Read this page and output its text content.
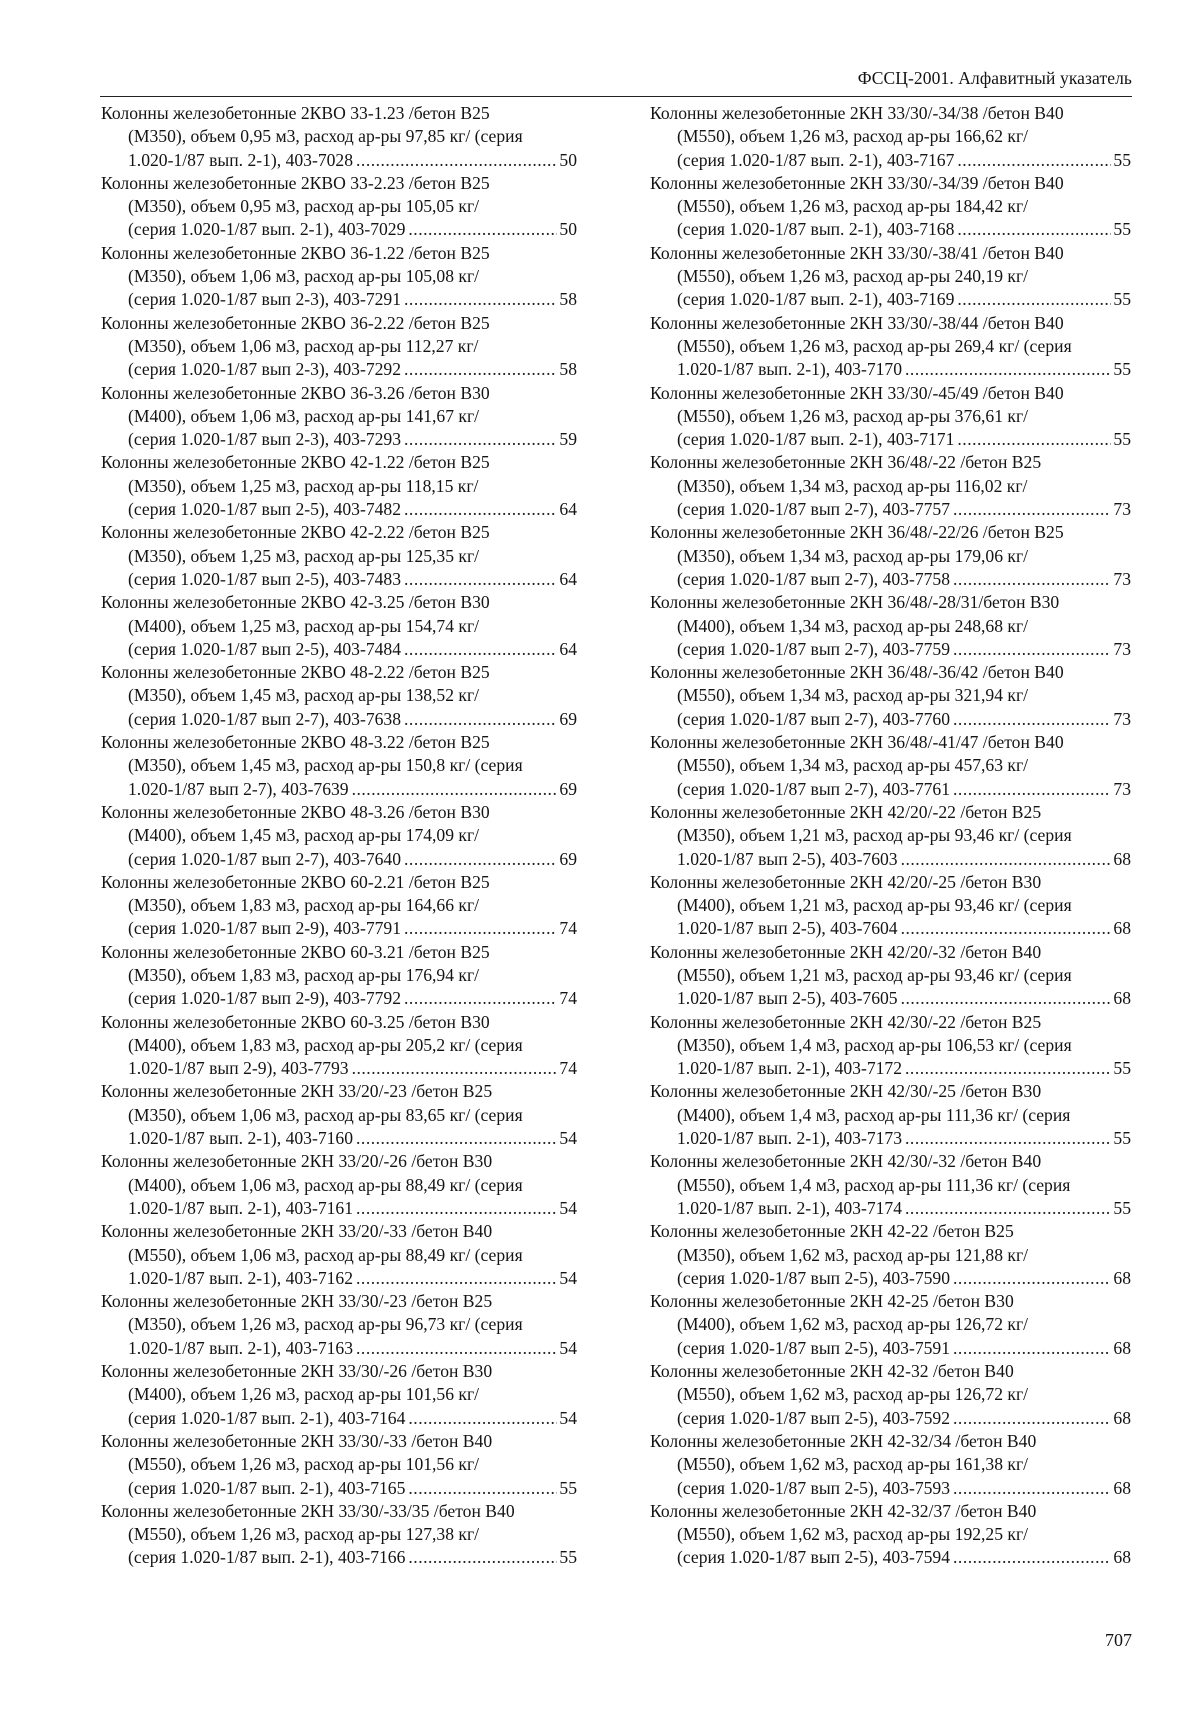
ФССЦ-2001. Алфавитный указатель
Колонны железобетонные 2КВО 33-1.23 /бетон В25
(М350), объем 0,95 м3, расход ар-ры 97,85 кг/ (серия
1.020-1/87 вып. 2-1), 403-7028 .....	50
Колонны железобетонные 2КВО 33-2.23 /бетон В25
(М350), объем 0,95 м3, расход ар-ры 105,05 кг/
(серия 1.020-1/87 вып. 2-1), 403-7029 .....	50
Колонны железобетонные 2КВО 36-1.22 /бетон В25
(М350), объем 1,06 м3, расход ар-ры 105,08 кг/
(серия 1.020-1/87 вып 2-3), 403-7291 .....	58
Колонны железобетонные 2КВО 36-2.22 /бетон В25
(М350), объем 1,06 м3, расход ар-ры 112,27 кг/
(серия 1.020-1/87 вып 2-3), 403-7292 .....	58
Колонны железобетонные 2КВО 36-3.26 /бетон В30
(М400), объем 1,06 м3, расход ар-ры 141,67 кг/
(серия 1.020-1/87 вып 2-3), 403-7293 .....	59
Колонны железобетонные 2КВО 42-1.22 /бетон В25
(М350), объем 1,25 м3, расход ар-ры 118,15 кг/
(серия 1.020-1/87 вып 2-5), 403-7482 .....	64
Колонны железобетонные 2КВО 42-2.22 /бетон В25
(М350), объем 1,25 м3, расход ар-ры 125,35 кг/
(серия 1.020-1/87 вып 2-5), 403-7483 .....	64
Колонны железобетонные 2КВО 42-3.25 /бетон В30
(М400), объем 1,25 м3, расход ар-ры 154,74 кг/
(серия 1.020-1/87 вып 2-5), 403-7484 .....	64
Колонны железобетонные 2КВО 48-2.22 /бетон В25
(М350), объем 1,45 м3, расход ар-ры 138,52 кг/
(серия 1.020-1/87 вып 2-7), 403-7638 .....	69
Колонны железобетонные 2КВО 48-3.22 /бетон В25
(М350), объем 1,45 м3, расход ар-ры 150,8 кг/ (серия
1.020-1/87 вып 2-7), 403-7639 .....	69
Колонны железобетонные 2КВО 48-3.26 /бетон В30
(М400), объем 1,45 м3, расход ар-ры 174,09 кг/
(серия 1.020-1/87 вып 2-7), 403-7640 .....	69
Колонны железобетонные 2КВО 60-2.21 /бетон В25
(М350), объем 1,83 м3, расход ар-ры 164,66 кг/
(серия 1.020-1/87 вып 2-9), 403-7791 .....	74
Колонны железобетонные 2КВО 60-3.21 /бетон В25
(М350), объем 1,83 м3, расход ар-ры 176,94 кг/
(серия 1.020-1/87 вып 2-9), 403-7792 .....	74
Колонны железобетонные 2КВО 60-3.25 /бетон В30
(М400), объем 1,83 м3, расход ар-ры 205,2 кг/ (серия
1.020-1/87 вып 2-9), 403-7793 .....	74
Колонны железобетонные 2КН 33/20/-23 /бетон В25
(М350), объем 1,06 м3, расход ар-ры 83,65 кг/ (серия
1.020-1/87 вып. 2-1), 403-7160 .....	54
Колонны железобетонные 2КН 33/20/-26 /бетон В30
(М400), объем 1,06 м3, расход ар-ры 88,49 кг/ (серия
1.020-1/87 вып. 2-1), 403-7161 .....	54
Колонны железобетонные 2КН 33/20/-33 /бетон В40
(М550), объем 1,06 м3, расход ар-ры 88,49 кг/ (серия
1.020-1/87 вып. 2-1), 403-7162 .....	54
Колонны железобетонные 2КН 33/30/-23 /бетон В25
(М350), объем 1,26 м3, расход ар-ры 96,73 кг/ (серия
1.020-1/87 вып. 2-1), 403-7163 .....	54
Колонны железобетонные 2КН 33/30/-26 /бетон В30
(М400), объем 1,26 м3, расход ар-ры 101,56 кг/
(серия 1.020-1/87 вып. 2-1), 403-7164 .....	54
Колонны железобетонные 2КН 33/30/-33 /бетон В40
(М550), объем 1,26 м3, расход ар-ры 101,56 кг/
(серия 1.020-1/87 вып. 2-1), 403-7165 .....	55
Колонны железобетонные 2КН 33/30/-33/35 /бетон В40
(М550), объем 1,26 м3, расход ар-ры 127,38 кг/
(серия 1.020-1/87 вып. 2-1), 403-7166 .....	55
Колонны железобетонные 2КН 33/30/-34/38 /бетон В40
(М550), объем 1,26 м3, расход ар-ры 166,62 кг/
(серия 1.020-1/87 вып. 2-1), 403-7167 .....	55
Колонны железобетонные 2КН 33/30/-34/39 /бетон В40
(М550), объем 1,26 м3, расход ар-ры 184,42 кг/
(серия 1.020-1/87 вып. 2-1), 403-7168 .....	55
Колонны железобетонные 2КН 33/30/-38/41 /бетон В40
(М550), объем 1,26 м3, расход ар-ры 240,19 кг/
(серия 1.020-1/87 вып. 2-1), 403-7169 .....	55
Колонны железобетонные 2КН 33/30/-38/44 /бетон В40
(М550), объем 1,26 м3, расход ар-ры 269,4 кг/ (серия
1.020-1/87 вып. 2-1), 403-7170 .....	55
Колонны железобетонные 2КН 33/30/-45/49 /бетон В40
(М550), объем 1,26 м3, расход ар-ры 376,61 кг/
(серия 1.020-1/87 вып. 2-1), 403-7171 .....	55
Колонны железобетонные 2КН 36/48/-22 /бетон В25
(М350), объем 1,34 м3, расход ар-ры 116,02 кг/
(серия 1.020-1/87 вып 2-7), 403-7757 .....	73
Колонны железобетонные 2КН 36/48/-22/26 /бетон В25
(М350), объем 1,34 м3, расход ар-ры 179,06 кг/
(серия 1.020-1/87 вып 2-7), 403-7758 .....	73
Колонны железобетонные 2КН 36/48/-28/31/бетон В30
(М400), объем 1,34 м3, расход ар-ры 248,68 кг/
(серия 1.020-1/87 вып 2-7), 403-7759 .....	73
Колонны железобетонные 2КН 36/48/-36/42 /бетон В40
(М550), объем 1,34 м3, расход ар-ры 321,94 кг/
(серия 1.020-1/87 вып 2-7), 403-7760 .....	73
Колонны железобетонные 2КН 36/48/-41/47 /бетон В40
(М550), объем 1,34 м3, расход ар-ры 457,63 кг/
(серия 1.020-1/87 вып 2-7), 403-7761 .....	73
Колонны железобетонные 2КН 42/20/-22 /бетон В25
(М350), объем 1,21 м3, расход ар-ры 93,46 кг/ (серия
1.020-1/87 вып 2-5), 403-7603 .....	68
Колонны железобетонные 2КН 42/20/-25 /бетон В30
(М400), объем 1,21 м3, расход ар-ры 93,46 кг/ (серия
1.020-1/87 вып 2-5), 403-7604 .....	68
Колонны железобетонные 2КН 42/20/-32 /бетон В40
(М550), объем 1,21 м3, расход ар-ры 93,46 кг/ (серия
1.020-1/87 вып 2-5), 403-7605 .....	68
Колонны железобетонные 2КН 42/30/-22 /бетон В25
(М350), объем 1,4 м3, расход ар-ры 106,53 кг/ (серия
1.020-1/87 вып. 2-1), 403-7172 .....	55
Колонны железобетонные 2КН 42/30/-25 /бетон В30
(М400), объем 1,4 м3, расход ар-ры 111,36 кг/ (серия
1.020-1/87 вып. 2-1), 403-7173 .....	55
Колонны железобетонные 2КН 42/30/-32 /бетон В40
(М550), объем 1,4 м3, расход ар-ры 111,36 кг/ (серия
1.020-1/87 вып. 2-1), 403-7174 .....	55
Колонны железобетонные 2КН 42-22 /бетон В25
(М350), объем 1,62 м3, расход ар-ры 121,88 кг/
(серия 1.020-1/87 вып 2-5), 403-7590 .....	68
Колонны железобетонные 2КН 42-25 /бетон В30
(М400), объем 1,62 м3, расход ар-ры 126,72 кг/
(серия 1.020-1/87 вып 2-5), 403-7591 .....	68
Колонны железобетонные 2КН 42-32 /бетон В40
(М550), объем 1,62 м3, расход ар-ры 126,72 кг/
(серия 1.020-1/87 вып 2-5), 403-7592 .....	68
Колонны железобетонные 2КН 42-32/34 /бетон В40
(М550), объем 1,62 м3, расход ар-ры 161,38 кг/
(серия 1.020-1/87 вып 2-5), 403-7593 .....	68
Колонны железобетонные 2КН 42-32/37 /бетон В40
(М550), объем 1,62 м3, расход ар-ры 192,25 кг/
(серия 1.020-1/87 вып 2-5), 403-7594 .....	68
707
